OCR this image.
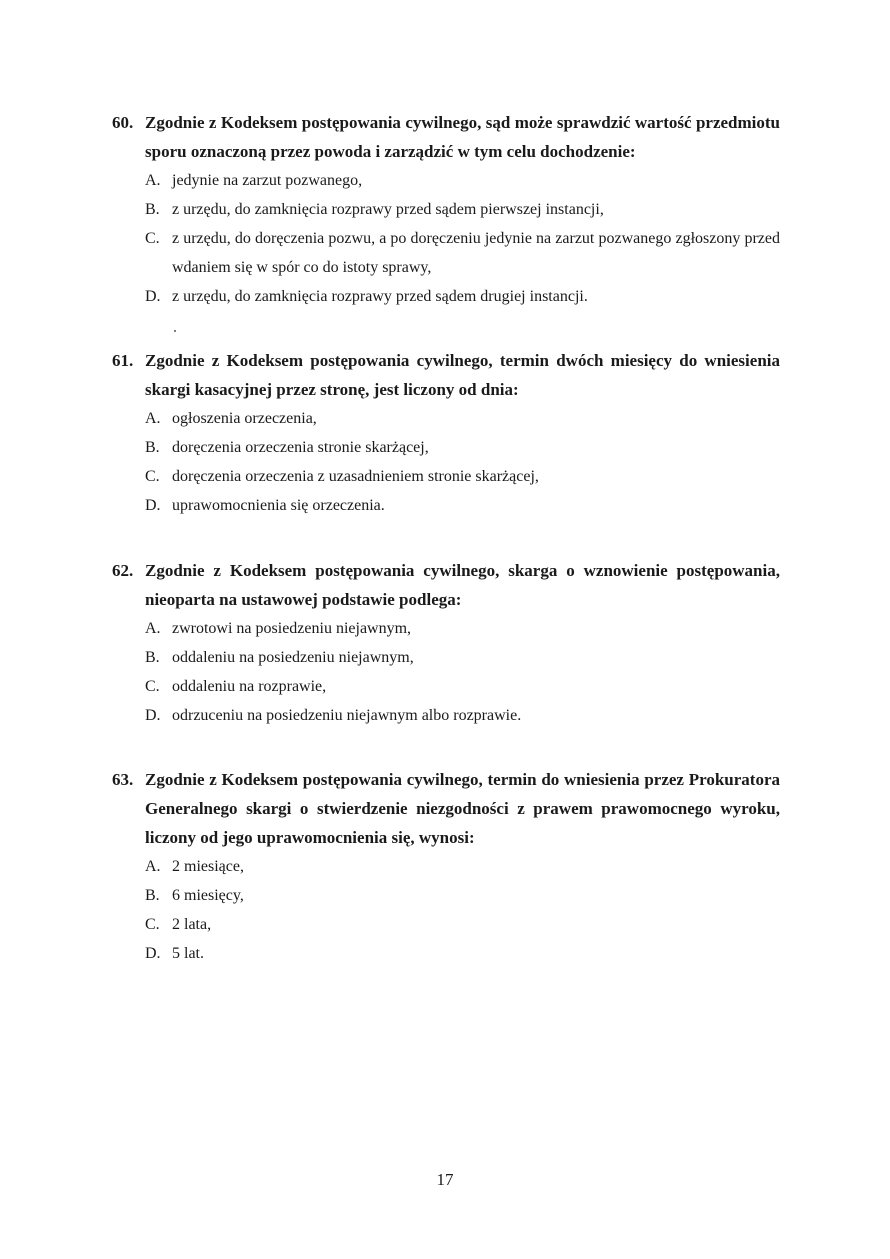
60. Zgodnie z Kodeksem postępowania cywilnego, sąd może sprawdzić wartość przedmiotu sporu oznaczoną przez powoda i zarządzić w tym celu dochodzenie:
A. jedynie na zarzut pozwanego,
B. z urzędu, do zamknięcia rozprawy przed sądem pierwszej instancji,
C. z urzędu, do doręczenia pozwu, a po doręczeniu jedynie na zarzut pozwanego zgłoszony przed wdaniem się w spór co do istoty sprawy,
D. z urzędu, do zamknięcia rozprawy przed sądem drugiej instancji.
61. Zgodnie z Kodeksem postępowania cywilnego, termin dwóch miesięcy do wniesienia skargi kasacyjnej przez stronę, jest liczony od dnia:
A. ogłoszenia orzeczenia,
B. doręczenia orzeczenia stronie skarżącej,
C. doręczenia orzeczenia z uzasadnieniem stronie skarżącej,
D. uprawomocnienia się orzeczenia.
62. Zgodnie z Kodeksem postępowania cywilnego, skarga o wznowienie postępowania, nieoparta na ustawowej podstawie podlega:
A. zwrotowi na posiedzeniu niejawnym,
B. oddaleniu na posiedzeniu niejawnym,
C. oddaleniu na rozprawie,
D. odrzuceniu na posiedzeniu niejawnym albo rozprawie.
63. Zgodnie z Kodeksem postępowania cywilnego, termin do wniesienia przez Prokuratora Generalnego skargi o stwierdzenie niezgodności z prawem prawomocnego wyroku, liczony od jego uprawomocnienia się, wynosi:
A. 2 miesiące,
B. 6 miesięcy,
C. 2 lata,
D. 5 lat.
17
